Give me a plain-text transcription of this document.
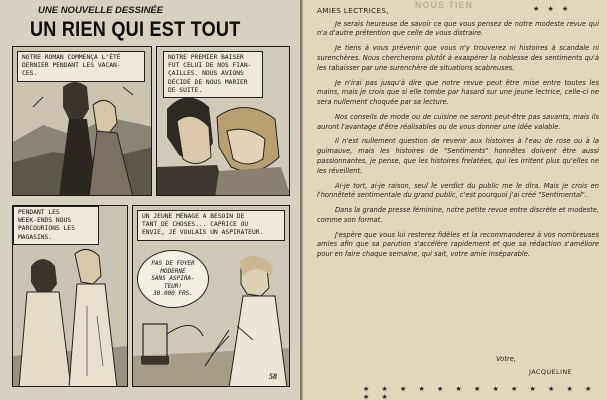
UNE NOUVELLE DESSINÉE
UN RIEN QUI EST TOUT
NOTRE ROMAN COMMENÇA L'ÉTÉ
DERNIER PENDANT LES VACAN-
CES.
NOTRE PREMIER BAISER
FUT CELUI DE NOS FIAN-
ÇAILLES. NOUS AVIONS
DÉCIDÉ DE NOUS MARIER
DE SUITE.
PENDANT LES
WEEK-ENDS NOUS
PARCOURIONS LES
MAGASINS.
UN JEUNE MÉNAGE A BESOIN DE
TANT DE CHOSES... CAPRICE OU
ENVIE, JE VOULAIS UN ASPIRATEUR.
PAS DE FOYER
MODERNE
SANS ASPIRA-
TEUR!
30.000 FRS.
58
NOUS TIEN	★ ★ ★
AMIES LECTRICES,

Je serais heureuse de savoir ce que vous pensez de notre modeste revue qui n'a d'autre prétention que celle de vous distraire.

Je tiens à vous prévenir que vous n'y trouverez ni histoires à scandale ni surenchères. Nous chercherons plutôt à exaspérer la noblesse des sentiments qu'à les rabaisser par une surenchère de situations scabreuses.

Je n'irai pas jusqu'à dire que notre revue peut être mise entre toutes les mains, mais je crois que si elle tombe par hasard sur une jeune lectrice, celle-ci ne sera nullement choquée par sa lecture.

Nos conseils de mode ou de cuisine ne seront peut-être pas savants, mais ils auront l'avantage d'être réalisables ou de vous donner une idée valable.

Il n'est nullement question de revenir aux histoires à l'eau de rose ou à la guimauve, mais les histoires de "Sentiments" honnêtes doivent être aussi passionnantes, je pense, que les histoires frelatées, qui les irritent plus qu'elles ne les réveillent.

Ai-je tort, ai-je raison, seul le verdict du public me le dira. Mais je crois en l'honnêteté sentimentale du grand public, c'est pourquoi j'ai créé "Sentimental".

Dans la grande presse féminine, notre petite revue entre discrète et modeste, comme son format.

J'espère que vous lui resterez fidèles et la recommanderez à vos nombreuses amies afin que sa parution s'accélère rapidement et que sa rédaction s'améliore pour en faire chaque semaine, qui sait, votre amie inséparable.

Votre,
JACQUELINE
★ ★ ★ ★ ★ ★ ★ ★ ★ ★ ★ ★ ★ ★ ★
